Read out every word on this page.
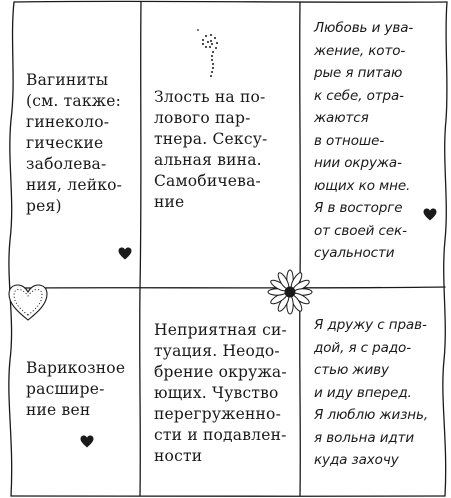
Вагиниты
(см. также:
гинеколо-
гические
заболева-
ния, лейко-
рея)
Злость на по-
лового пар-
тнера. Сексу-
альная вина.
Самобичева-
ние
Любовь и ува-
жение, кото-
рые я питаю
к себе, отра-
жаются
в отноше-
нии окружа-
ющих ко мне.
Я в восторге
от своей сек-
суальности
Варикозное
расшире-
ние вен
Неприятная си-
туация. Неодо-
брение окружа-
ющих. Чувство
перегруженно-
сти и подавлен-
ности
Я дружу с прав-
дой, я с радо-
стью живу
и иду вперед.
Я люблю жизнь,
я вольна идти
куда захочу
